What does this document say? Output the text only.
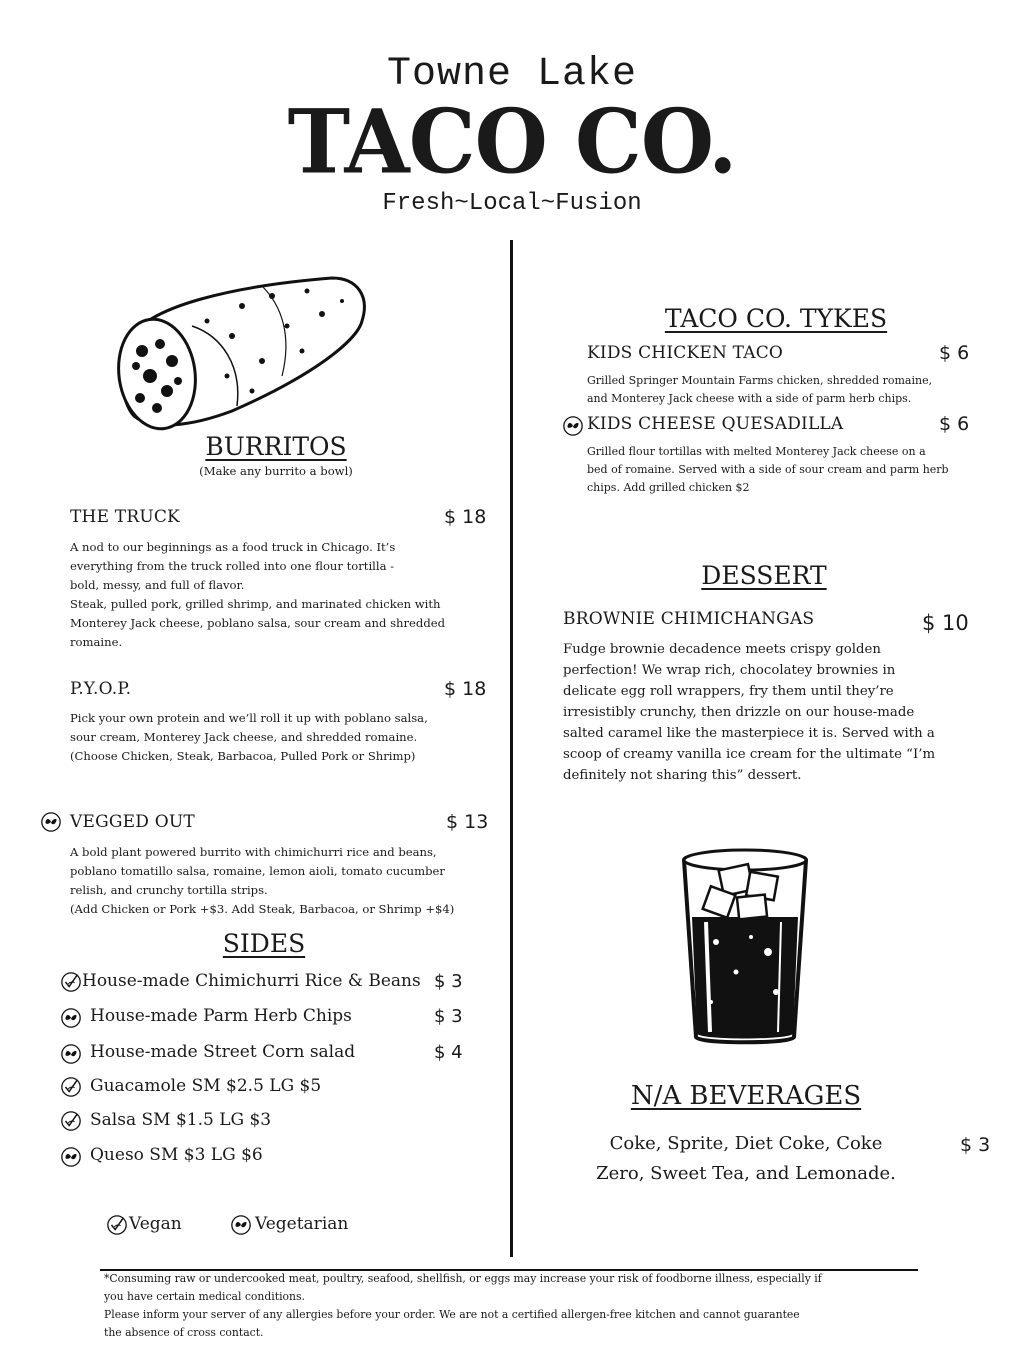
Towne Lake
TACO CO.
Fresh~Local~Fusion
BURRITOS
(Make any burrito a bowl)
THE TRUCK	$ 18
A nod to our beginnings as a food truck in Chicago. It’s
everything from the truck rolled into one flour tortilla -
bold, messy, and full of flavor.
Steak, pulled pork, grilled shrimp, and marinated chicken with
Monterey Jack cheese, poblano salsa, sour cream and shredded
romaine.
P.Y.O.P.	$ 18
Pick your own protein and we’ll roll it up with poblano salsa,
sour cream, Monterey Jack cheese, and shredded romaine.
(Choose Chicken, Steak, Barbacoa, Pulled Pork or Shrimp)
VEGGED OUT	$ 13
A bold plant powered burrito with chimichurri rice and beans,
poblano tomatillo salsa, romaine, lemon aioli, tomato cucumber
relish, and crunchy tortilla strips.
(Add Chicken or Pork +$3. Add Steak, Barbacoa, or Shrimp +$4)
SIDES
House-made Chimichurri Rice & Beans $ 3
House-made Parm Herb Chips	$ 3
House-made Street Corn salad	$ 4
Guacamole SM $2.5 LG $5
Salsa SM $1.5 LG $3
Queso SM $3 LG $6
Vegan	Vegetarian
TACO CO. TYKES
KIDS CHICKEN TACO	$ 6
Grilled Springer Mountain Farms chicken, shredded romaine,
and Monterey Jack cheese with a side of parm herb chips.
KIDS CHEESE QUESADILLA	$ 6
Grilled flour tortillas with melted Monterey Jack cheese on a
bed of romaine. Served with a side of sour cream and parm herb
chips. Add grilled chicken $2
DESSERT
BROWNIE CHIMICHANGAS	$ 10
Fudge brownie decadence meets crispy golden
perfection! We wrap rich, chocolatey brownies in
delicate egg roll wrappers, fry them until they’re
irresistibly crunchy, then drizzle on our house-made
salted caramel like the masterpiece it is. Served with a
scoop of creamy vanilla ice cream for the ultimate “I’m
definitely not sharing this” dessert.
N/A BEVERAGES
Coke, Sprite, Diet Coke, Coke
Zero, Sweet Tea, and Lemonade.
$ 3
*Consuming raw or undercooked meat, poultry, seafood, shellfish, or eggs may increase your risk of foodborne illness, especially if
you have certain medical conditions.
Please inform your server of any allergies before your order. We are not a certified allergen-free kitchen and cannot guarantee
the absence of cross contact.
